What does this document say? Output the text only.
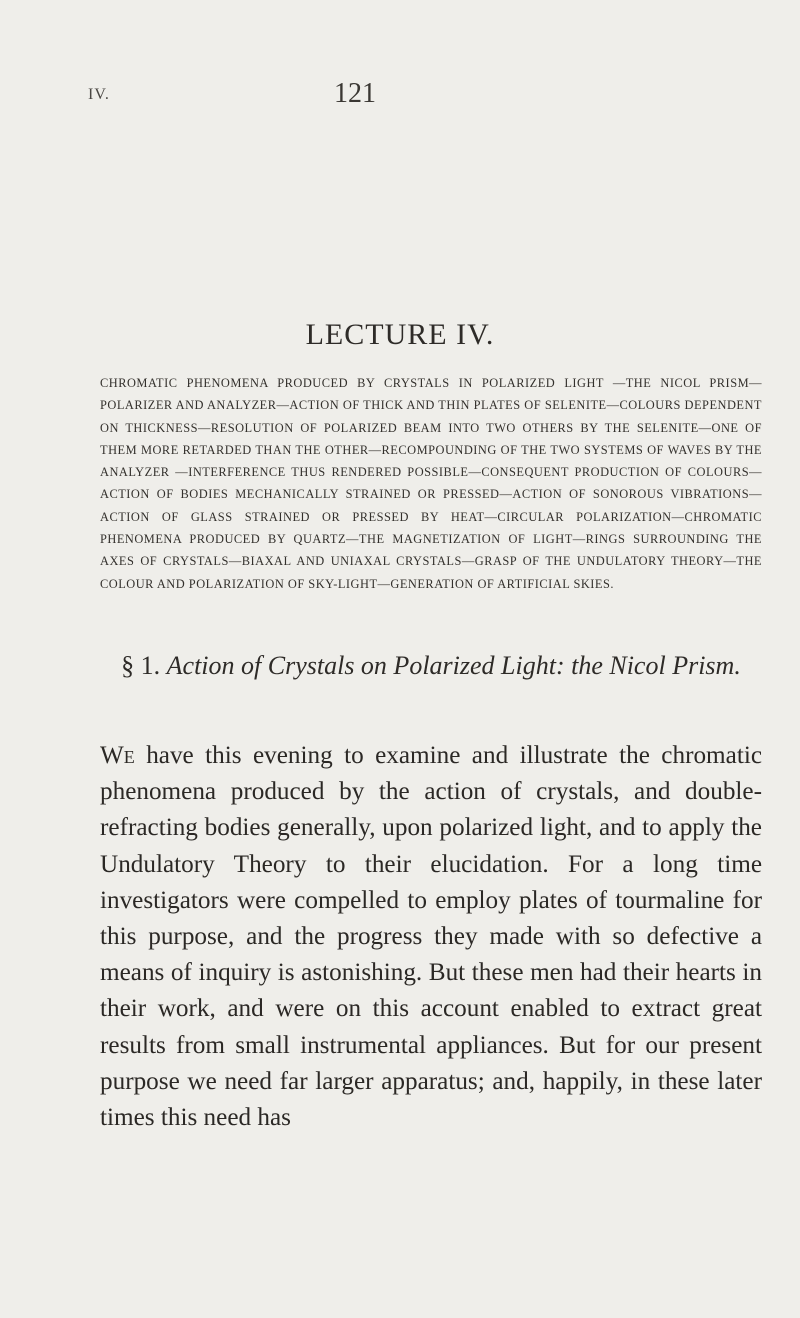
IV.	121
LECTURE IV.
CHROMATIC PHENOMENA PRODUCED BY CRYSTALS IN POLARIZED LIGHT —THE NICOL PRISM—POLARIZER AND ANALYZER—ACTION OF THICK AND THIN PLATES OF SELENITE—COLOURS DEPENDENT ON THICKNESS—RESOLUTION OF POLARIZED BEAM INTO TWO OTHERS BY THE SELENITE—ONE OF THEM MORE RETARDED THAN THE OTHER—RECOMPOUNDING OF THE TWO SYSTEMS OF WAVES BY THE ANALYZER —INTERFERENCE THUS RENDERED POSSIBLE—CONSEQUENT PRODUCTION OF COLOURS—ACTION OF BODIES MECHANICALLY STRAINED OR PRESSED—ACTION OF SONOROUS VIBRATIONS—ACTION OF GLASS STRAINED OR PRESSED BY HEAT—CIRCULAR POLARIZATION—CHROMATIC PHENOMENA PRODUCED BY QUARTZ—THE MAGNETIZATION OF LIGHT—RINGS SURROUNDING THE AXES OF CRYSTALS—BIAXAL AND UNIAXAL CRYSTALS—GRASP OF THE UNDULATORY THEORY—THE COLOUR AND POLARIZATION OF SKY-LIGHT—GENERATION OF ARTIFICIAL SKIES.
§ 1. Action of Crystals on Polarized Light: the Nicol Prism.
We have this evening to examine and illustrate the chromatic phenomena produced by the action of crystals, and double-refracting bodies generally, upon polarized light, and to apply the Undulatory Theory to their elucidation. For a long time investigators were compelled to employ plates of tourmaline for this purpose, and the progress they made with so defective a means of inquiry is astonishing. But these men had their hearts in their work, and were on this account enabled to extract great results from small instrumental appliances. But for our present purpose we need far larger apparatus; and, happily, in these later times this need has
